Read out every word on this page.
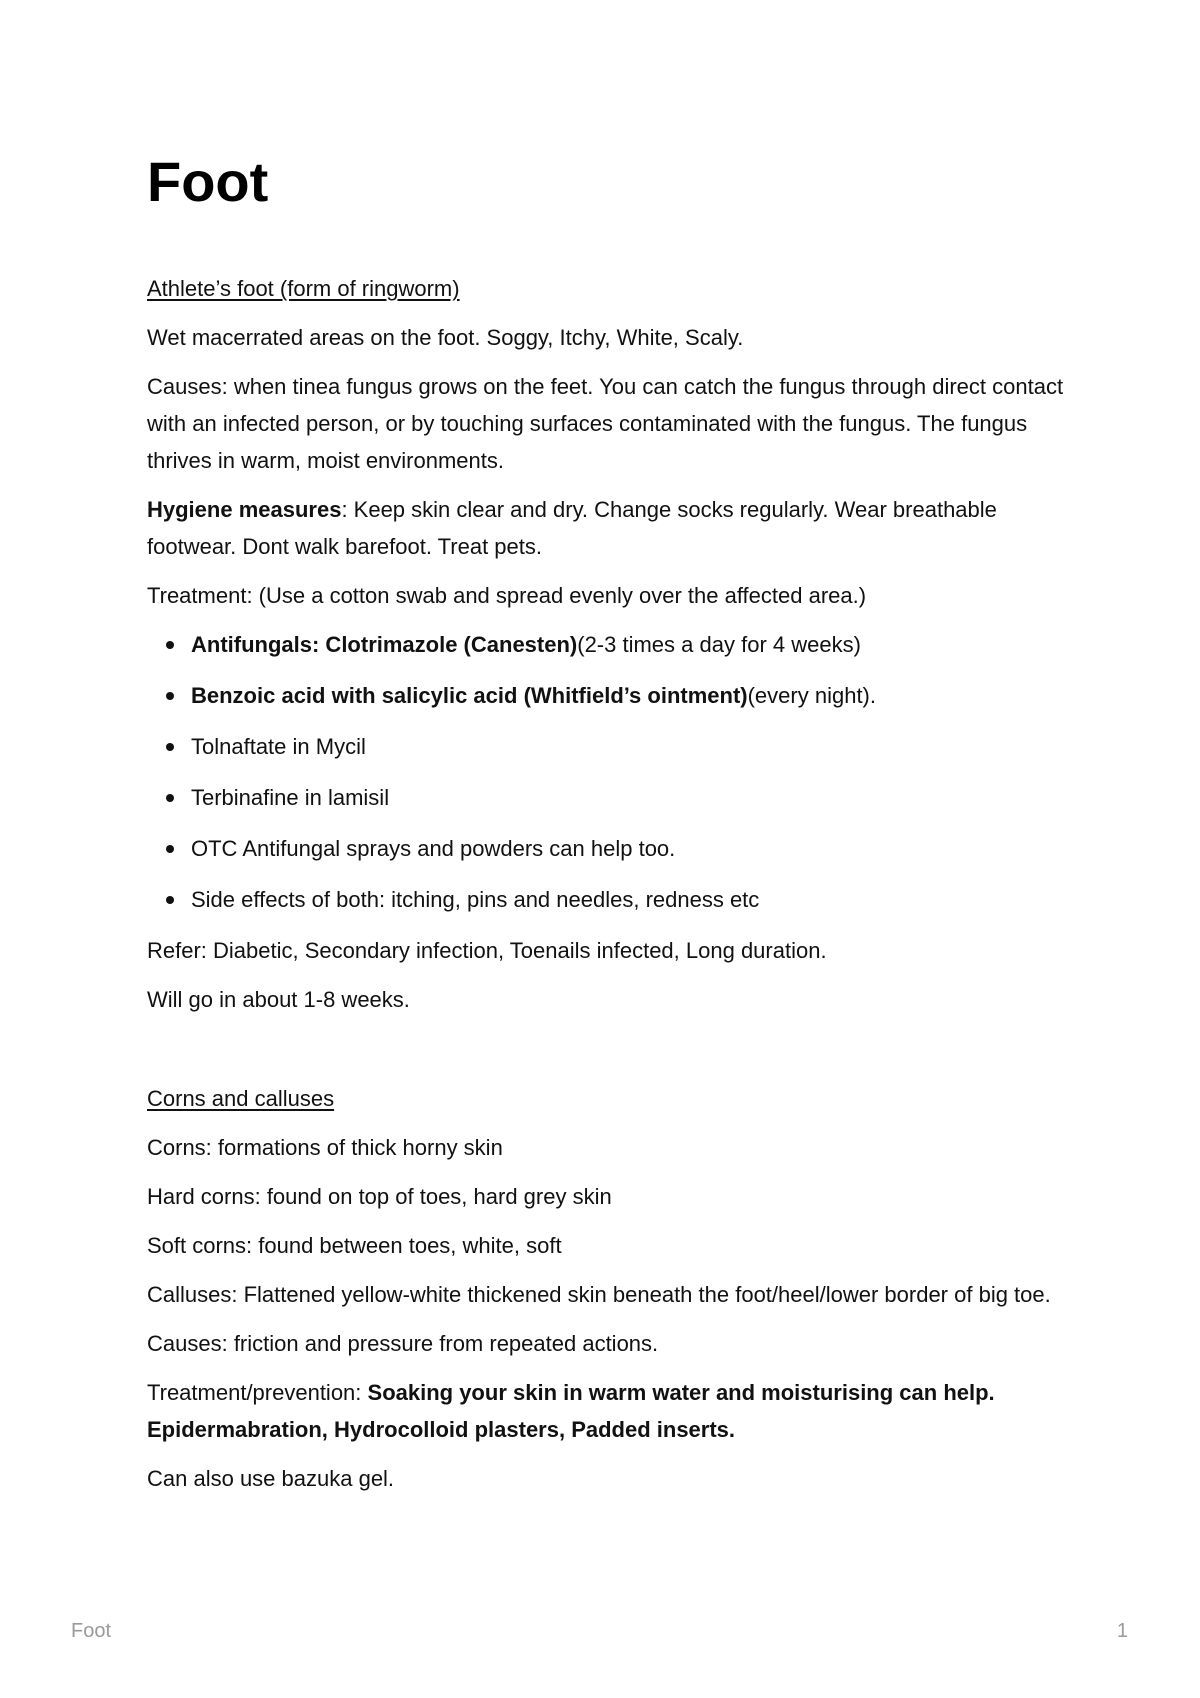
Foot

Athlete’s foot (form of ringworm)

Wet macerrated areas on the foot. Soggy, Itchy, White, Scaly.

Causes: when tinea fungus grows on the feet. You can catch the fungus through direct contact with an infected person, or by touching surfaces contaminated with the fungus. The fungus thrives in warm, moist environments.

Hygiene measures: Keep skin clear and dry. Change socks regularly. Wear breathable footwear. Dont walk barefoot. Treat pets.

Treatment: (Use a cotton swab and spread evenly over the affected area.)

Antifungals: Clotrimazole (Canesten)(2-3 times a day for 4 weeks)
Benzoic acid with salicylic acid (Whitfield’s ointment)(every night).
Tolnaftate in Mycil
Terbinafine in lamisil
OTC Antifungal sprays and powders can help too.
Side effects of both: itching, pins and needles, redness etc

Refer: Diabetic, Secondary infection, Toenails infected, Long duration.

Will go in about 1-8 weeks.

Corns and calluses

Corns: formations of thick horny skin

Hard corns: found on top of toes, hard grey skin

Soft corns: found between toes, white, soft

Calluses: Flattened yellow-white thickened skin beneath the foot/heel/lower border of big toe.

Causes: friction and pressure from repeated actions.

Treatment/prevention: Soaking your skin in warm water and moisturising can help. Epidermabration, Hydrocolloid plasters, Padded inserts.

Can also use bazuka gel.

Foot	1
